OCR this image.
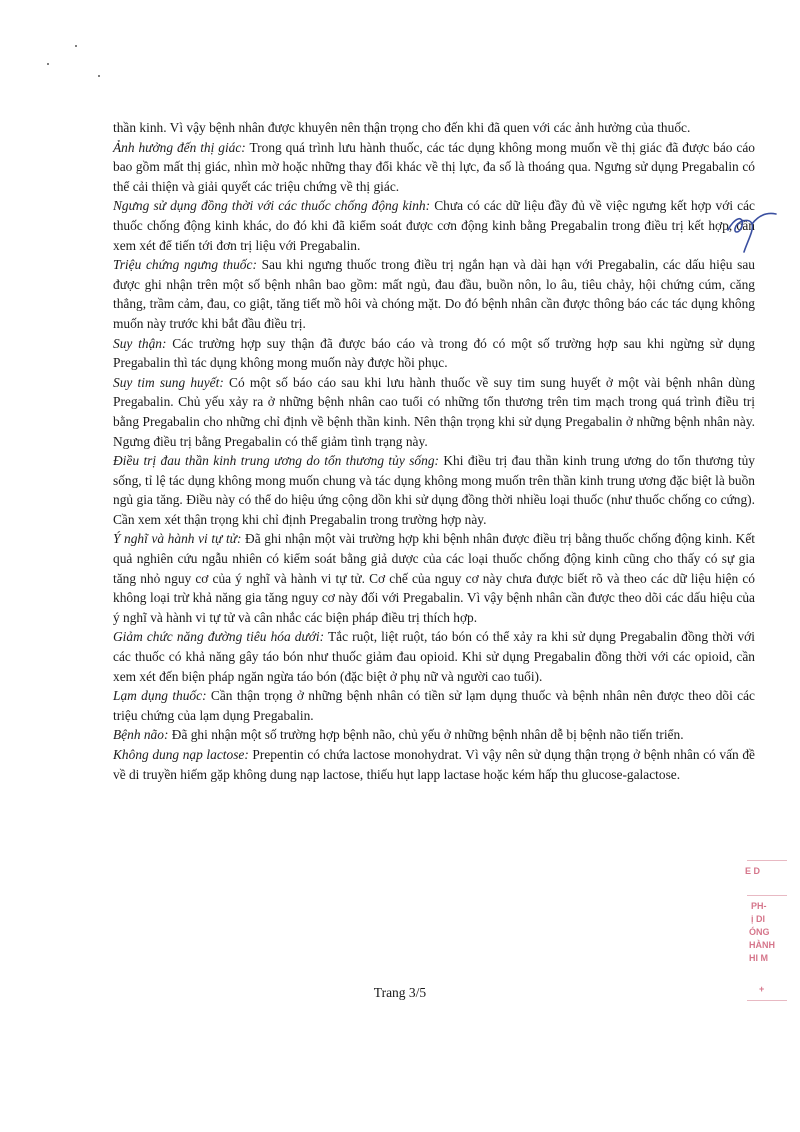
thần kinh. Vì vậy bệnh nhân được khuyên nên thận trọng cho đến khi đã quen với các ảnh hưởng của thuốc.

Ảnh hưởng đến thị giác: Trong quá trình lưu hành thuốc, các tác dụng không mong muốn về thị giác đã được báo cáo bao gồm mất thị giác, nhìn mờ hoặc những thay đổi khác về thị lực, đa số là thoáng qua. Ngưng sử dụng Pregabalin có thể cải thiện và giải quyết các triệu chứng về thị giác.

Ngưng sử dụng đồng thời với các thuốc chống động kinh: Chưa có các dữ liệu đầy đủ về việc ngưng kết hợp với các thuốc chống động kinh khác, do đó khi đã kiểm soát được cơn động kinh bằng Pregabalin trong điều trị kết hợp, cần xem xét để tiến tới đơn trị liệu với Pregabalin.

Triệu chứng ngưng thuốc: Sau khi ngưng thuốc trong điều trị ngắn hạn và dài hạn với Pregabalin, các dấu hiệu sau được ghi nhận trên một số bệnh nhân bao gồm: mất ngủ, đau đầu, buồn nôn, lo âu, tiêu chảy, hội chứng cúm, căng thẳng, trầm cảm, đau, co giật, tăng tiết mồ hôi và chóng mặt. Do đó bệnh nhân cần được thông báo các tác dụng không muốn này trước khi bắt đầu điều trị.

Suy thận: Các trường hợp suy thận đã được báo cáo và trong đó có một số trường hợp sau khi ngừng sử dụng Pregabalin thì tác dụng không mong muốn này được hồi phục.

Suy tim sung huyết: Có một số báo cáo sau khi lưu hành thuốc về suy tim sung huyết ở một vài bệnh nhân dùng Pregabalin. Chủ yếu xảy ra ở những bệnh nhân cao tuổi có những tổn thương trên tim mạch trong quá trình điều trị bằng Pregabalin cho những chỉ định về bệnh thần kinh. Nên thận trọng khi sử dụng Pregabalin ở những bệnh nhân này. Ngưng điều trị bằng Pregabalin có thể giảm tình trạng này.

Điều trị đau thần kinh trung ương do tổn thương tủy sống: Khi điều trị đau thần kinh trung ương do tổn thương tủy sống, tỉ lệ tác dụng không mong muốn chung và tác dụng không mong muốn trên thần kinh trung ương đặc biệt là buồn ngủ gia tăng. Điều này có thể do hiệu ứng cộng dồn khi sử dụng đồng thời nhiều loại thuốc (như thuốc chống co cứng). Cần xem xét thận trọng khi chỉ định Pregabalin trong trường hợp này.

Ý nghĩ và hành vi tự tử: Đã ghi nhận một vài trường hợp khi bệnh nhân được điều trị bằng thuốc chống động kinh. Kết quả nghiên cứu ngẫu nhiên có kiểm soát bằng giả dược của các loại thuốc chống động kinh cũng cho thấy có sự gia tăng nhỏ nguy cơ của ý nghĩ và hành vi tự tử. Cơ chế của nguy cơ này chưa được biết rõ và theo các dữ liệu hiện có không loại trừ khả năng gia tăng nguy cơ này đối với Pregabalin. Vì vậy bệnh nhân cần được theo dõi các dấu hiệu của ý nghĩ và hành vi tự tử và cân nhắc các biện pháp điều trị thích hợp.

Giảm chức năng đường tiêu hóa dưới: Tắc ruột, liệt ruột, táo bón có thể xảy ra khi sử dụng Pregabalin đồng thời với các thuốc có khả năng gây táo bón như thuốc giảm đau opioid. Khi sử dụng Pregabalin đồng thời với các opioid, cần xem xét đến biện pháp ngăn ngừa táo bón (đặc biệt ở phụ nữ và người cao tuổi).

Lạm dụng thuốc: Cần thận trọng ở những bệnh nhân có tiền sử lạm dụng thuốc và bệnh nhân nên được theo dõi các triệu chứng của lạm dụng Pregabalin.

Bệnh não: Đã ghi nhận một số trường hợp bệnh não, chủ yếu ở những bệnh nhân dễ bị bệnh não tiến triển.

Không dung nạp lactose: Prepentin có chứa lactose monohydrat. Vì vậy nên sử dụng thận trọng ở bệnh nhân có vấn đề về di truyền hiếm gặp không dung nạp lactose, thiếu hụt lapp lactase hoặc kém hấp thu glucose-galactose.

Trang 3/5
E D
PH-
ị DI
ÓNG
HÀNH
HI M
+
